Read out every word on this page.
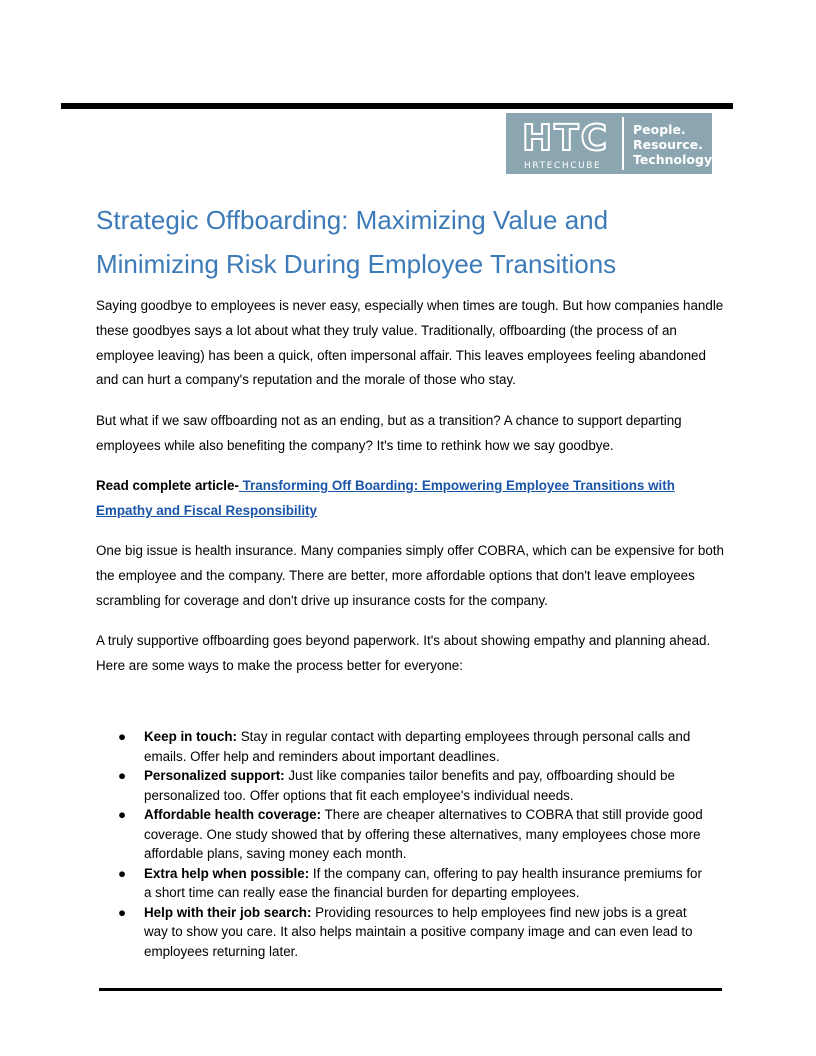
HTC
HRTECHCUBE
People.
Resource.
Technology.
Strategic Offboarding: Maximizing Value and Minimizing Risk During Employee Transitions

Saying goodbye to employees is never easy, especially when times are tough. But how companies handle these goodbyes says a lot about what they truly value. Traditionally, offboarding (the process of an employee leaving) has been a quick, often impersonal affair. This leaves employees feeling abandoned and can hurt a company's reputation and the morale of those who stay.

But what if we saw offboarding not as an ending, but as a transition? A chance to support departing employees while also benefiting the company? It's time to rethink how we say goodbye.

Read complete article- Transforming Off Boarding: Empowering Employee Transitions with Empathy and Fiscal Responsibility

One big issue is health insurance. Many companies simply offer COBRA, which can be expensive for both the employee and the company. There are better, more affordable options that don't leave employees scrambling for coverage and don't drive up insurance costs for the company.

A truly supportive offboarding goes beyond paperwork. It's about showing empathy and planning ahead. Here are some ways to make the process better for everyone:

● Keep in touch: Stay in regular contact with departing employees through personal calls and emails. Offer help and reminders about important deadlines.
● Personalized support: Just like companies tailor benefits and pay, offboarding should be personalized too. Offer options that fit each employee's individual needs.
● Affordable health coverage: There are cheaper alternatives to COBRA that still provide good coverage. One study showed that by offering these alternatives, many employees chose more affordable plans, saving money each month.
● Extra help when possible: If the company can, offering to pay health insurance premiums for a short time can really ease the financial burden for departing employees.
● Help with their job search: Providing resources to help employees find new jobs is a great way to show you care. It also helps maintain a positive company image and can even lead to employees returning later.
